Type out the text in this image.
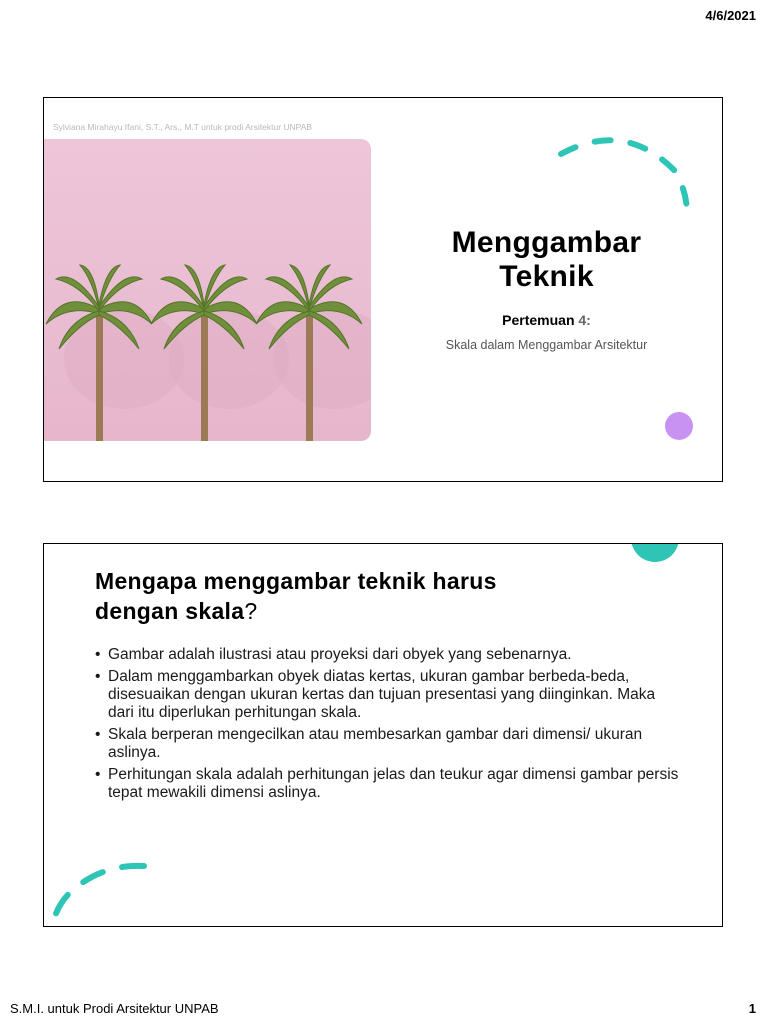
4/6/2021
Sylviana Mirahayu Ifani, S.T., Ars., M.T untuk prodi Arsitektur UNPAB
Menggambar
Teknik
Pertemuan 4:
Skala dalam Menggambar Arsitektur
Mengapa menggambar teknik harus
dengan skala?
• Gambar adalah ilustrasi atau proyeksi dari obyek yang sebenarnya.
• Dalam menggambarkan obyek diatas kertas, ukuran gambar berbeda-beda, disesuaikan dengan ukuran kertas dan tujuan presentasi yang diinginkan. Maka dari itu diperlukan perhitungan skala.
• Skala berperan mengecilkan atau membesarkan gambar dari dimensi/ ukuran aslinya.
• Perhitungan skala adalah perhitungan jelas dan teukur agar dimensi gambar persis tepat mewakili dimensi aslinya.
S.M.I. untuk Prodi Arsitektur UNPAB	1
